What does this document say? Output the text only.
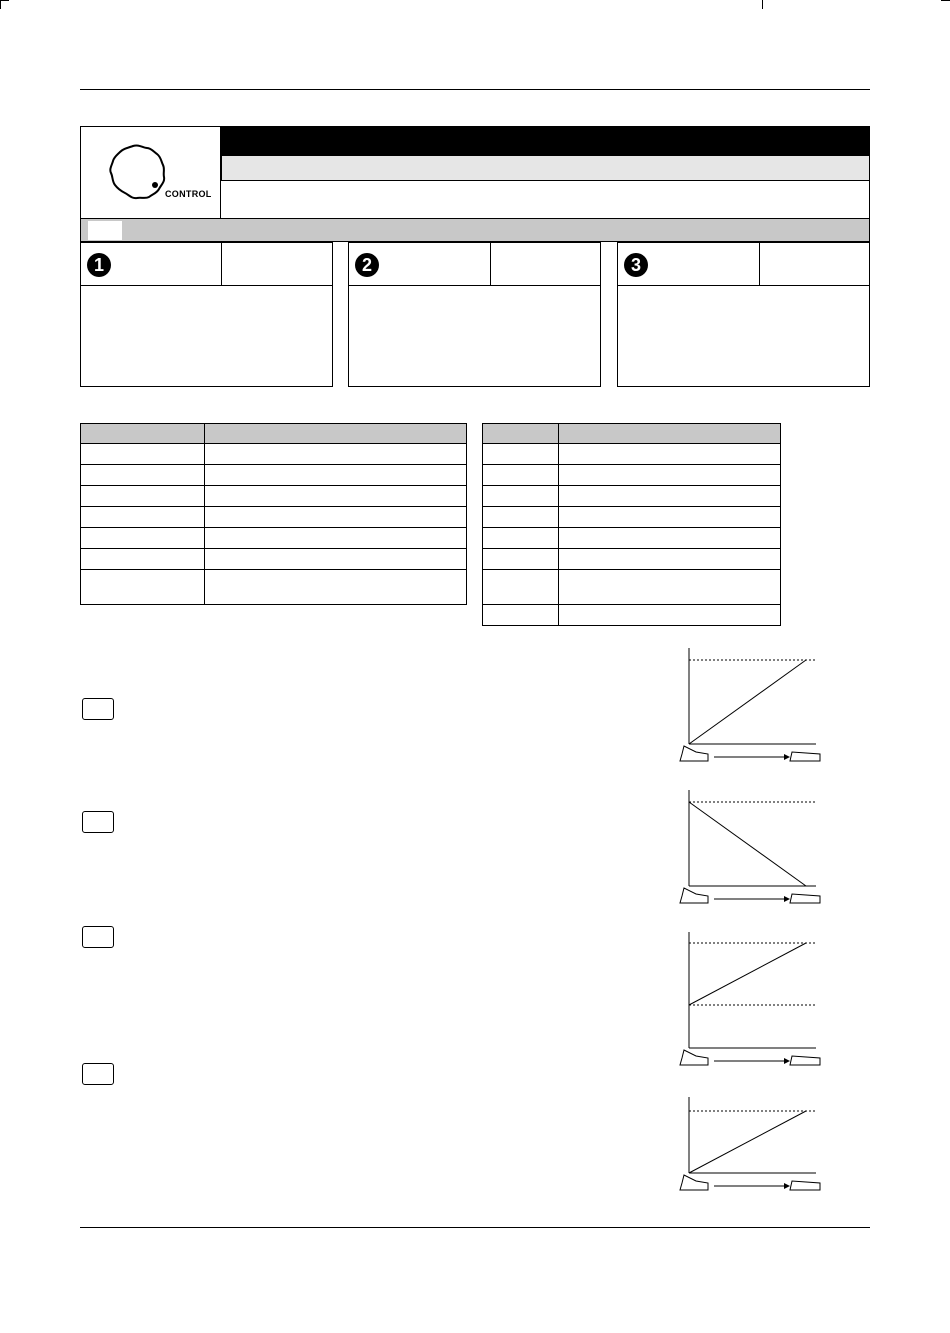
CONTROL
1	2	3
